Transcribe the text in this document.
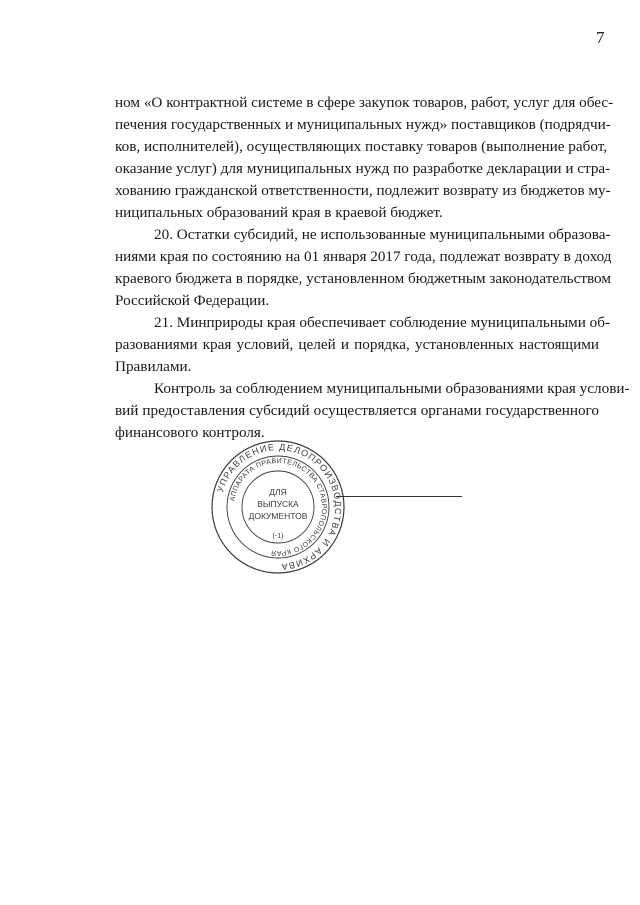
7
ном «О контрактной системе в сфере закупок товаров, работ, услуг для обес-
печения государственных и муниципальных нужд» поставщиков (подрядчи-
ков, исполнителей), осуществляющих поставку товаров (выполнение работ,
оказание услуг) для муниципальных нужд по разработке декларации и стра-
хованию гражданской ответственности, подлежит возврату из бюджетов му-
ниципальных образований края в краевой бюджет.
20. Остатки субсидий, не использованные муниципальными образова-
ниями края по состоянию на 01 января 2017 года, подлежат возврату в доход
краевого бюджета в порядке, установленном бюджетным законодательством
Российской Федерации.
21. Минприроды края обеспечивает соблюдение муниципальными об-
разованиями края условий, целей и порядка, установленных настоящими
Правилами.
Контроль за соблюдением муниципальными образованиями края услови-
вий предоставления субсидий осуществляется органами государственного
финансового контроля.
УПРАВЛЕНИЕ ДЕЛОПРОИЗВОДСТВА И АРХИВА
АППАРАТА ПРАВИТЕЛЬСТВА СТАВРОПОЛЬСКОГО КРАЯ
ДЛЯ
ВЫПУСКА
ДОКУМЕНТОВ
(-1)
